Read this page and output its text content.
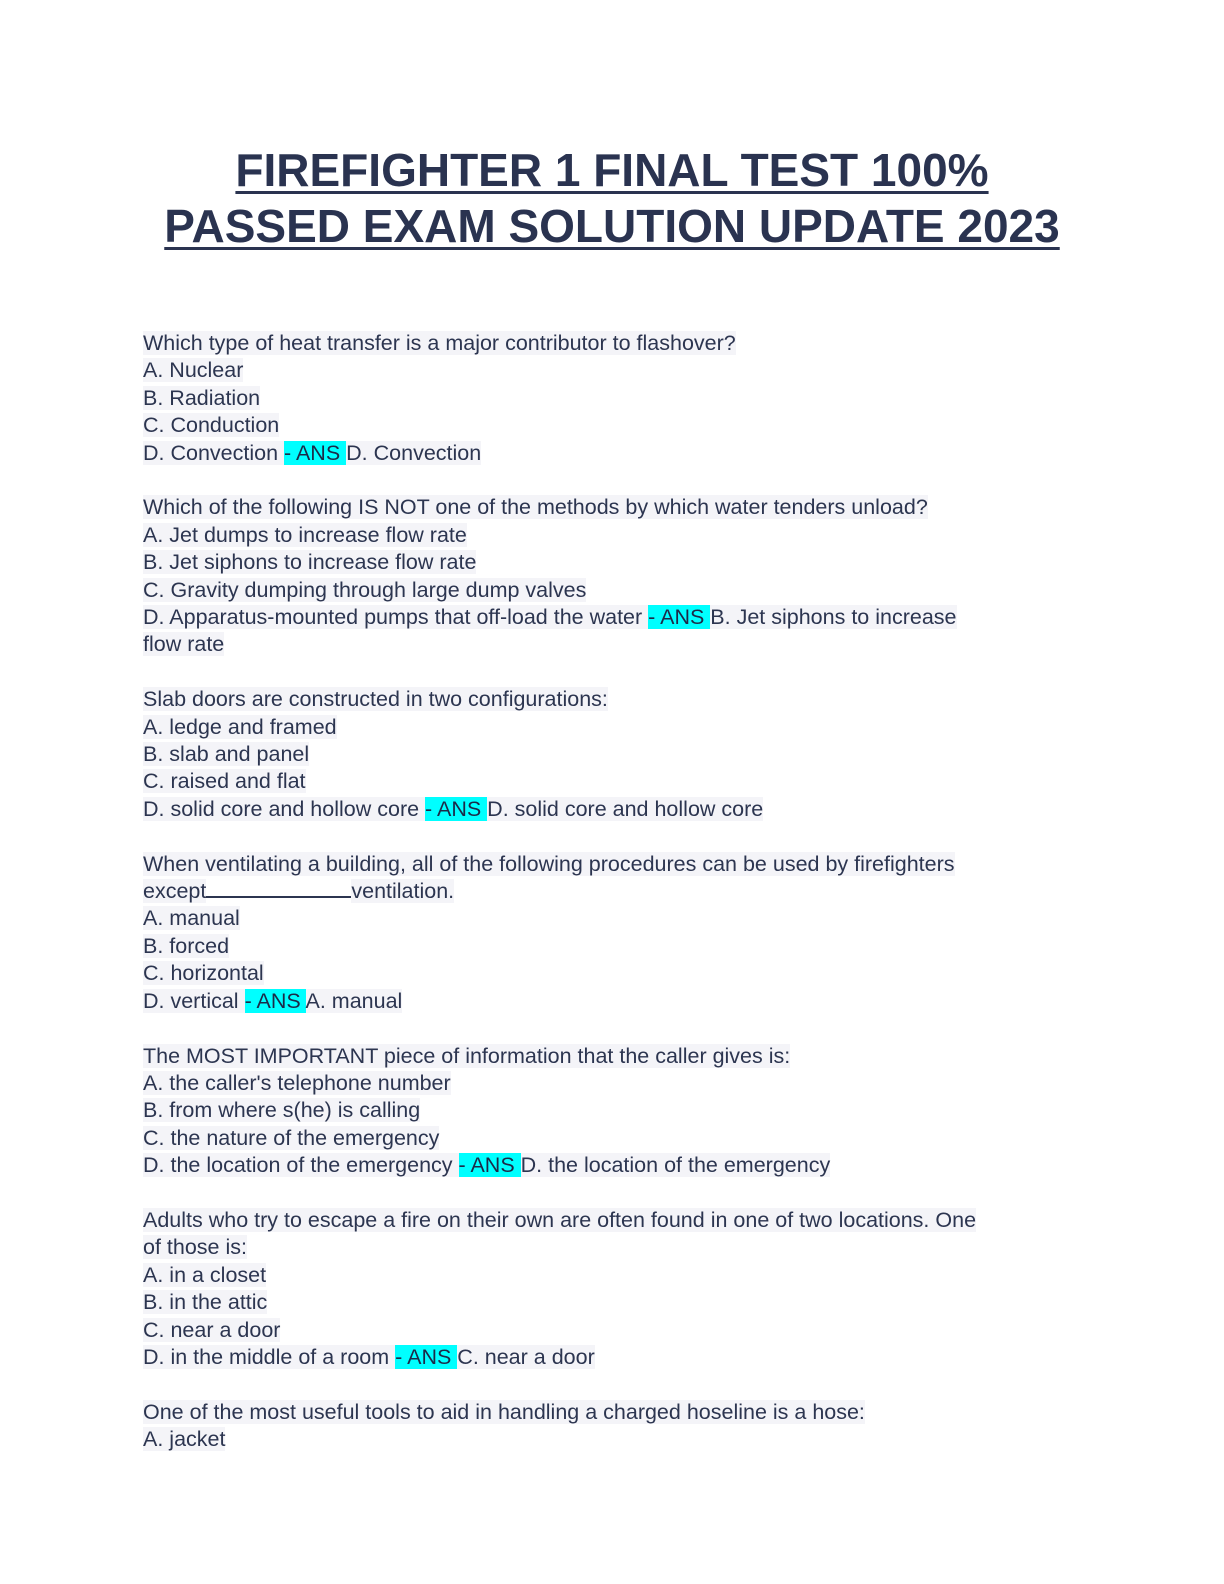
FIREFIGHTER 1 FINAL TEST 100%
PASSED EXAM SOLUTION UPDATE 2023
Which type of heat transfer is a major contributor to flashover?
A. Nuclear
B. Radiation
C. Conduction
D. Convection - ANS D. Convection
Which of the following IS NOT one of the methods by which water tenders unload?
A. Jet dumps to increase flow rate
B. Jet siphons to increase flow rate
C. Gravity dumping through large dump valves
D. Apparatus-mounted pumps that off-load the water - ANS B. Jet siphons to increase
flow rate
Slab doors are constructed in two configurations:
A. ledge and framed
B. slab and panel
C. raised and flat
D. solid core and hollow core - ANS D. solid core and hollow core
When ventilating a building, all of the following procedures can be used by firefighters
except	ventilation.
A. manual
B. forced
C. horizontal
D. vertical - ANS A. manual
The MOST IMPORTANT piece of information that the caller gives is:
A. the caller's telephone number
B. from where s(he) is calling
C. the nature of the emergency
D. the location of the emergency - ANS D. the location of the emergency
Adults who try to escape a fire on their own are often found in one of two locations. One
of those is:
A. in a closet
B. in the attic
C. near a door
D. in the middle of a room - ANS C. near a door
One of the most useful tools to aid in handling a charged hoseline is a hose:
A. jacket
